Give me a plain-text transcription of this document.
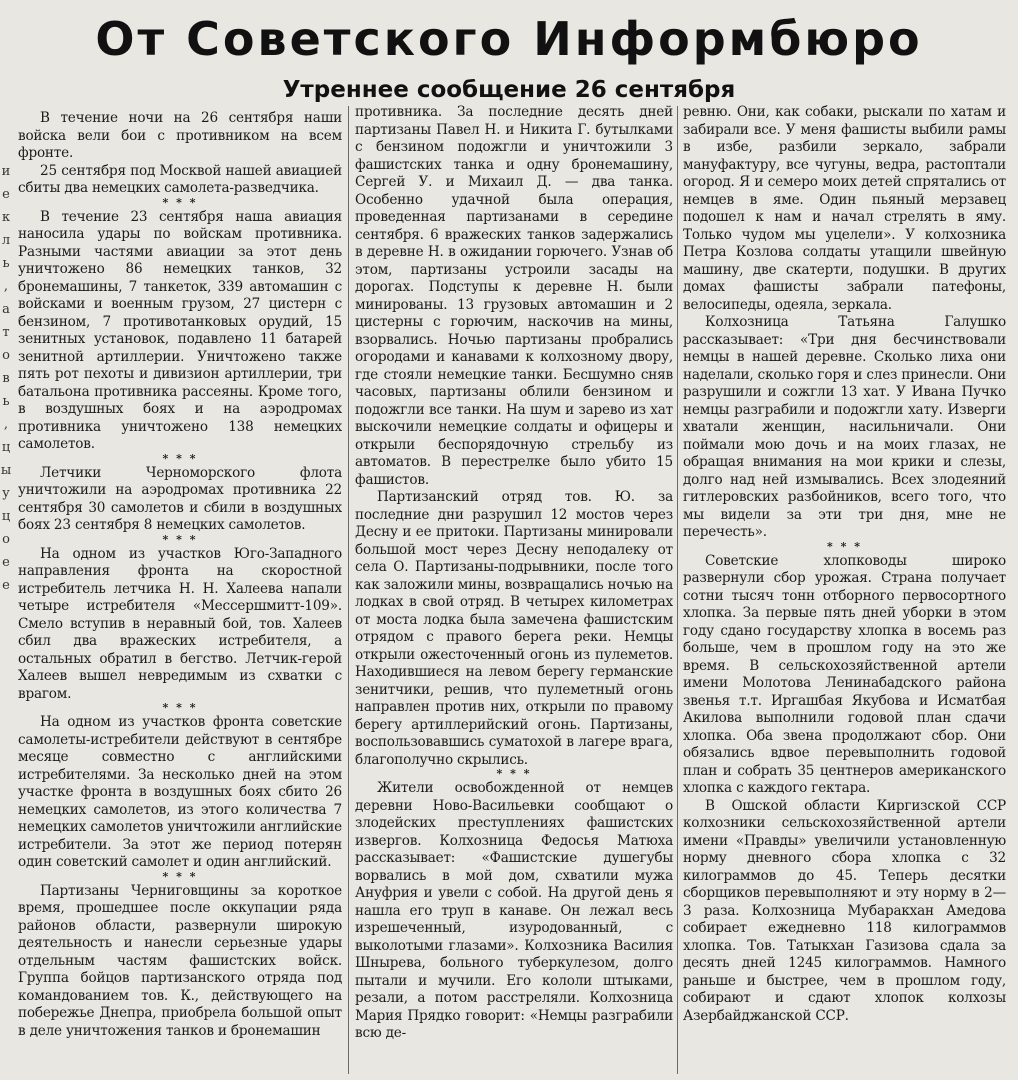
и
е
к
л
ь
,
а
т
о
в
ь
,
ц
ы
у
ц
о
е
е
От Советского Информбюро
Утреннее сообщение 26 сентября

В течение ночи на 26 сентября наши войска вели бои с противником на всем фронте.

25 сентября под Москвой нашей авиацией сбиты два немецких самолета-разведчика.

* * *

В течение 23 сентября наша авиация наносила удары по войскам противника. Разными частями авиации за этот день уничтожено 86 немецких танков, 32 бронемашины, 7 танкеток, 339 автомашин с войсками и военным грузом, 27 цистерн с бензином, 7 противотанковых орудий, 15 зенитных установок, подавлено 11 батарей зенитной артиллерии. Уничтожено также пять рот пехоты и дивизион артиллерии, три батальона противника рассеяны. Кроме того, в воздушных боях и на аэродромах противника уничтожено 138 немецких самолетов.

* * *

Летчики Черноморского флота уничтожили на аэродромах противника 22 сентября 30 самолетов и сбили в воздушных боях 23 сентября 8 немецких самолетов.

* * *

На одном из участков Юго-Западного направления фронта на скоростной истребитель летчика Н. Н. Халеева напали четыре истребителя «Мессершмитт-109». Смело вступив в неравный бой, тов. Халеев сбил два вражеских истребителя, а остальных обратил в бегство. Летчик-герой Халеев вышел невредимым из схватки с врагом.

* * *

На одном из участков фронта советские самолеты-истребители действуют в сентябре месяце совместно с английскими истребителями. За несколько дней на этом участке фронта в воздушных боях сбито 26 немецких самолетов, из этого количества 7 немецких самолетов уничтожили английские истребители. За этот же период потерян один советский самолет и один английский.

* * *

Партизаны Черниговщины за короткое время, прошедшее после оккупации ряда районов области, развернули широкую деятельность и нанесли серьезные удары отдельным частям фашистских войск. Группа бойцов партизанского отряда под командованием тов. К., действующего на побережье Днепра, приобрела большой опыт в деле уничтожения танков и бронемашин

противника. За последние десять дней партизаны Павел Н. и Никита Г. бутылками с бензином подожгли и уничтожили 3 фашистских танка и одну бронемашину, Сергей У. и Михаил Д. — два танка. Особенно удачной была операция, проведенная партизанами в середине сентября. 6 вражеских танков задержались в деревне Н. в ожидании горючего. Узнав об этом, партизаны устроили засады на дорогах. Подступы к деревне Н. были минированы. 13 грузовых автомашин и 2 цистерны с горючим, наскочив на мины, взорвались. Ночью партизаны пробрались огородами и канавами к колхозному двору, где стояли немецкие танки. Бесшумно сняв часовых, партизаны облили бензином и подожгли все танки. На шум и зарево из хат выскочили немецкие солдаты и офицеры и открыли беспорядочную стрельбу из автоматов. В перестрелке было убито 15 фашистов.

Партизанский отряд тов. Ю. за последние дни разрушил 12 мостов через Десну и ее притоки. Партизаны минировали большой мост через Десну неподалеку от села О. Партизаны-подрывники, после того как заложили мины, возвращались ночью на лодках в свой отряд. В четырех километрах от моста лодка была замечена фашистским отрядом с правого берега реки. Немцы открыли ожесточенный огонь из пулеметов. Находившиеся на левом берегу германские зенитчики, решив, что пулеметный огонь направлен против них, открыли по правому берегу артиллерийский огонь. Партизаны, воспользовавшись суматохой в лагере врага, благополучно скрылись.

* * *

Жители освобожденной от немцев деревни Ново-Васильевки сообщают о злодейских преступлениях фашистских извергов. Колхозница Федосья Матюха рассказывает: «Фашистские душегубы ворвались в мой дом, схватили мужа Ануфрия и увели с собой. На другой день я нашла его труп в канаве. Он лежал весь изрешеченный, изуродованный, с выколотыми глазами». Колхозника Василия Шнырева, больного туберкулезом, долго пытали и мучили. Его кололи штыками, резали, а потом расстреляли. Колхозница Мария Прядко говорит: «Немцы разграбили всю де-

ревню. Они, как собаки, рыскали по хатам и забирали все. У меня фашисты выбили рамы в избе, разбили зеркало, забрали мануфактуру, все чугуны, ведра, растоптали огород. Я и семеро моих детей спрятались от немцев в яме. Один пьяный мерзавец подошел к нам и начал стрелять в яму. Только чудом мы уцелели». У колхозника Петра Козлова солдаты утащили швейную машину, две скатерти, подушки. В других домах фашисты забрали патефоны, велосипеды, одеяла, зеркала.

Колхозница Татьяна Галушко рассказывает: «Три дня бесчинствовали немцы в нашей деревне. Сколько лиха они наделали, сколько горя и слез принесли. Они разрушили и сожгли 13 хат. У Ивана Пучко немцы разграбили и подожгли хату. Изверги хватали женщин, насильничали. Они поймали мою дочь и на моих глазах, не обращая внимания на мои крики и слезы, долго над ней измывались. Всех злодеяний гитлеровских разбойников, всего того, что мы видели за эти три дня, мне не перечесть».

* * *

Советские хлопководы широко развернули сбор урожая. Страна получает сотни тысяч тонн отборного первосортного хлопка. За первые пять дней уборки в этом году сдано государству хлопка в восемь раз больше, чем в прошлом году на это же время. В сельскохозяйственной артели имени Молотова Ленинабадского района звенья т.т. Иргашбая Якубова и Исматбая Акилова выполнили годовой план сдачи хлопка. Оба звена продолжают сбор. Они обязались вдвое перевыполнить годовой план и собрать 35 центнеров американского хлопка с каждого гектара.

В Ошской области Киргизской ССР колхозники сельскохозяйственной артели имени «Правды» увеличили установленную норму дневного сбора хлопка с 32 килограммов до 45. Теперь десятки сборщиков перевыполняют и эту норму в 2—3 раза. Колхозница Мубаракхан Амедова собирает ежедневно 118 килограммов хлопка. Тов. Татыкхан Газизова сдала за десять дней 1245 килограммов. Намного раньше и быстрее, чем в прошлом году, собирают и сдают хлопок колхозы Азербайджанской ССР.
